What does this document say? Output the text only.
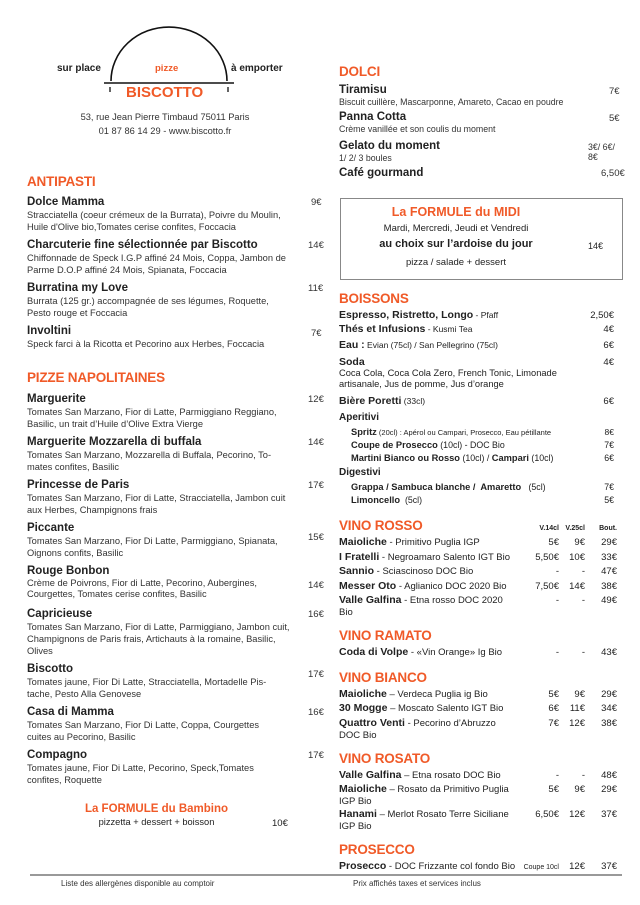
sur place	pizze	à emporter
BISCOTTO
53, rue Jean Pierre Timbaud 75011 Paris
01 87 86 14 29 - www.biscotto.fr
ANTIPASTI
Dolce Mamma
Stracciatella (coeur crémeux de la Burrata), Poivre du Moulin, Huile d'Olive bio,Tomates cerise confites, Foccacia
9€
Charcuterie fine sélectionnée par Biscotto
Chiffonnade de Speck I.G.P affiné 24 Mois, Coppa, Jambon de Parme D.O.P affiné 24 Mois, Spianata, Foccacia
14€
Burratina my Love
Burrata (125 gr.) accompagnée de ses légumes, Roquette, Pesto rouge et Foccacia
11€
Involtini
Speck farci à la Ricotta et Pecorino aux Herbes, Foccacia
7€
PIZZE NAPOLITAINES
Marguerite
Tomates San Marzano, Fior di Latte, Parmiggiano Reggiano, Basilic, un trait d’Huile d’Olive Extra Vierge
12€
Marguerite Mozzarella di buffala
Tomates San Marzano, Mozzarella di Buffala, Pecorino, To-mates confites, Basilic
14€
Princesse de Paris
Tomates San Marzano, Fior di Latte, Stracciatella, Jambon cuit aux Herbes, Champignons frais
17€
Piccante
Tomates San Marzano, Fior Di Latte, Parmiggiano, Spianata, Oignons confits, Basilic
15€
Rouge Bonbon
Crème de Poivrons, Fior di Latte, Pecorino, Aubergines, Courgettes, Tomates cerise confites, Basilic
14€
Capricieuse
Tomates San Marzano, Fior di Latte, Parmiggiano, Jambon cuit, Champignons de Paris frais, Artichauts à la romaine, Basilic, Olives
16€
Biscotto
Tomates jaune, Fior Di Latte, Stracciatella, Mortadelle Pis-tache, Pesto Alla Genovese
17€
Casa di Mamma
Tomates San Marzano, Fior Di Latte, Coppa, Courgettes cuites au Pecorino, Basilic
16€
Compagno
Tomates jaune, Fior Di Latte, Pecorino, Speck,Tomates confites, Roquette
17€
La FORMULE du Bambino
pizzetta + dessert + boisson	10€
DOLCI
Tiramisu
Biscuit cuillère, Mascarponne, Amareto, Cacao en poudre
7€
Panna Cotta
Crème vanillée et son coulis du moment
5€
Gelato du moment
1/ 2/ 3 boules
3€/ 6€/ 8€
Café gourmand	6,50€
La FORMULE du MIDI
Mardi, Mercredi, Jeudi et Vendredi
au choix sur l’ardoise du jour
pizza / salade + dessert
14€
BOISSONS
Espresso, Ristretto, Longo - Pfaff	2,50€
Thés et Infusions - Kusmi Tea	4€
Eau : Evian (75cl) / San Pellegrino (75cl)	6€
Soda	4€
Coca Cola, Coca Cola Zero, French Tonic, Limonade artisanale, Jus de pomme, Jus d’orange
Bière Poretti (33cl)	6€
Aperitivi
Spritz (20cl) : Apérol ou Campari, Prosecco, Eau pétillante	8€
Coupe de Prosecco (10cl) - DOC Bio	7€
Martini Bianco ou Rosso (10cl) / Campari (10cl)	6€
Digestivi
Grappa / Sambuca blanche /  Amaretto   (5cl)	7€
Limoncello  (5cl)	5€
VINO ROSSO	V.14cl V.25cl	Bout.
Maioliche - Primitivo Puglia IGP	5€	9€	29€
I Fratelli - Negroamaro Salento IGT Bio	5,50€	10€	33€
Sannio - Sciascinoso DOC Bio	-	-	47€
Messer Oto - Aglianico DOC 2020 Bio	7,50€	14€	38€
Valle Galfina - Etna rosso DOC 2020 Bio
-	-	49€
VINO RAMATO
Coda di Volpe - «Vin Orange» Ig Bio	-	-	43€
VINO BIANCO
Maioliche – Verdeca Puglia ig Bio	5€	9€	29€
30 Mogge – Moscato Salento IGT Bio	6€	11€	34€
Quattro Venti - Pecorino d’Abruzzo DOC Bio
7€	12€	38€
VINO ROSATO
Valle Galfina – Etna rosato DOC Bio	-	-	48€
Maioliche – Rosato da Primitivo Puglia IGP Bio
5€	9€	29€
Hanami – Merlot Rosato Terre Siciliane IGP Bio
6,50€	12€	37€
PROSECCO
Prosecco - DOC Frizzante col fondo Bio	Coupe 10cl	12€	37€
Liste des allergènes disponible au comptoir	Prix affichés taxes et services inclus
